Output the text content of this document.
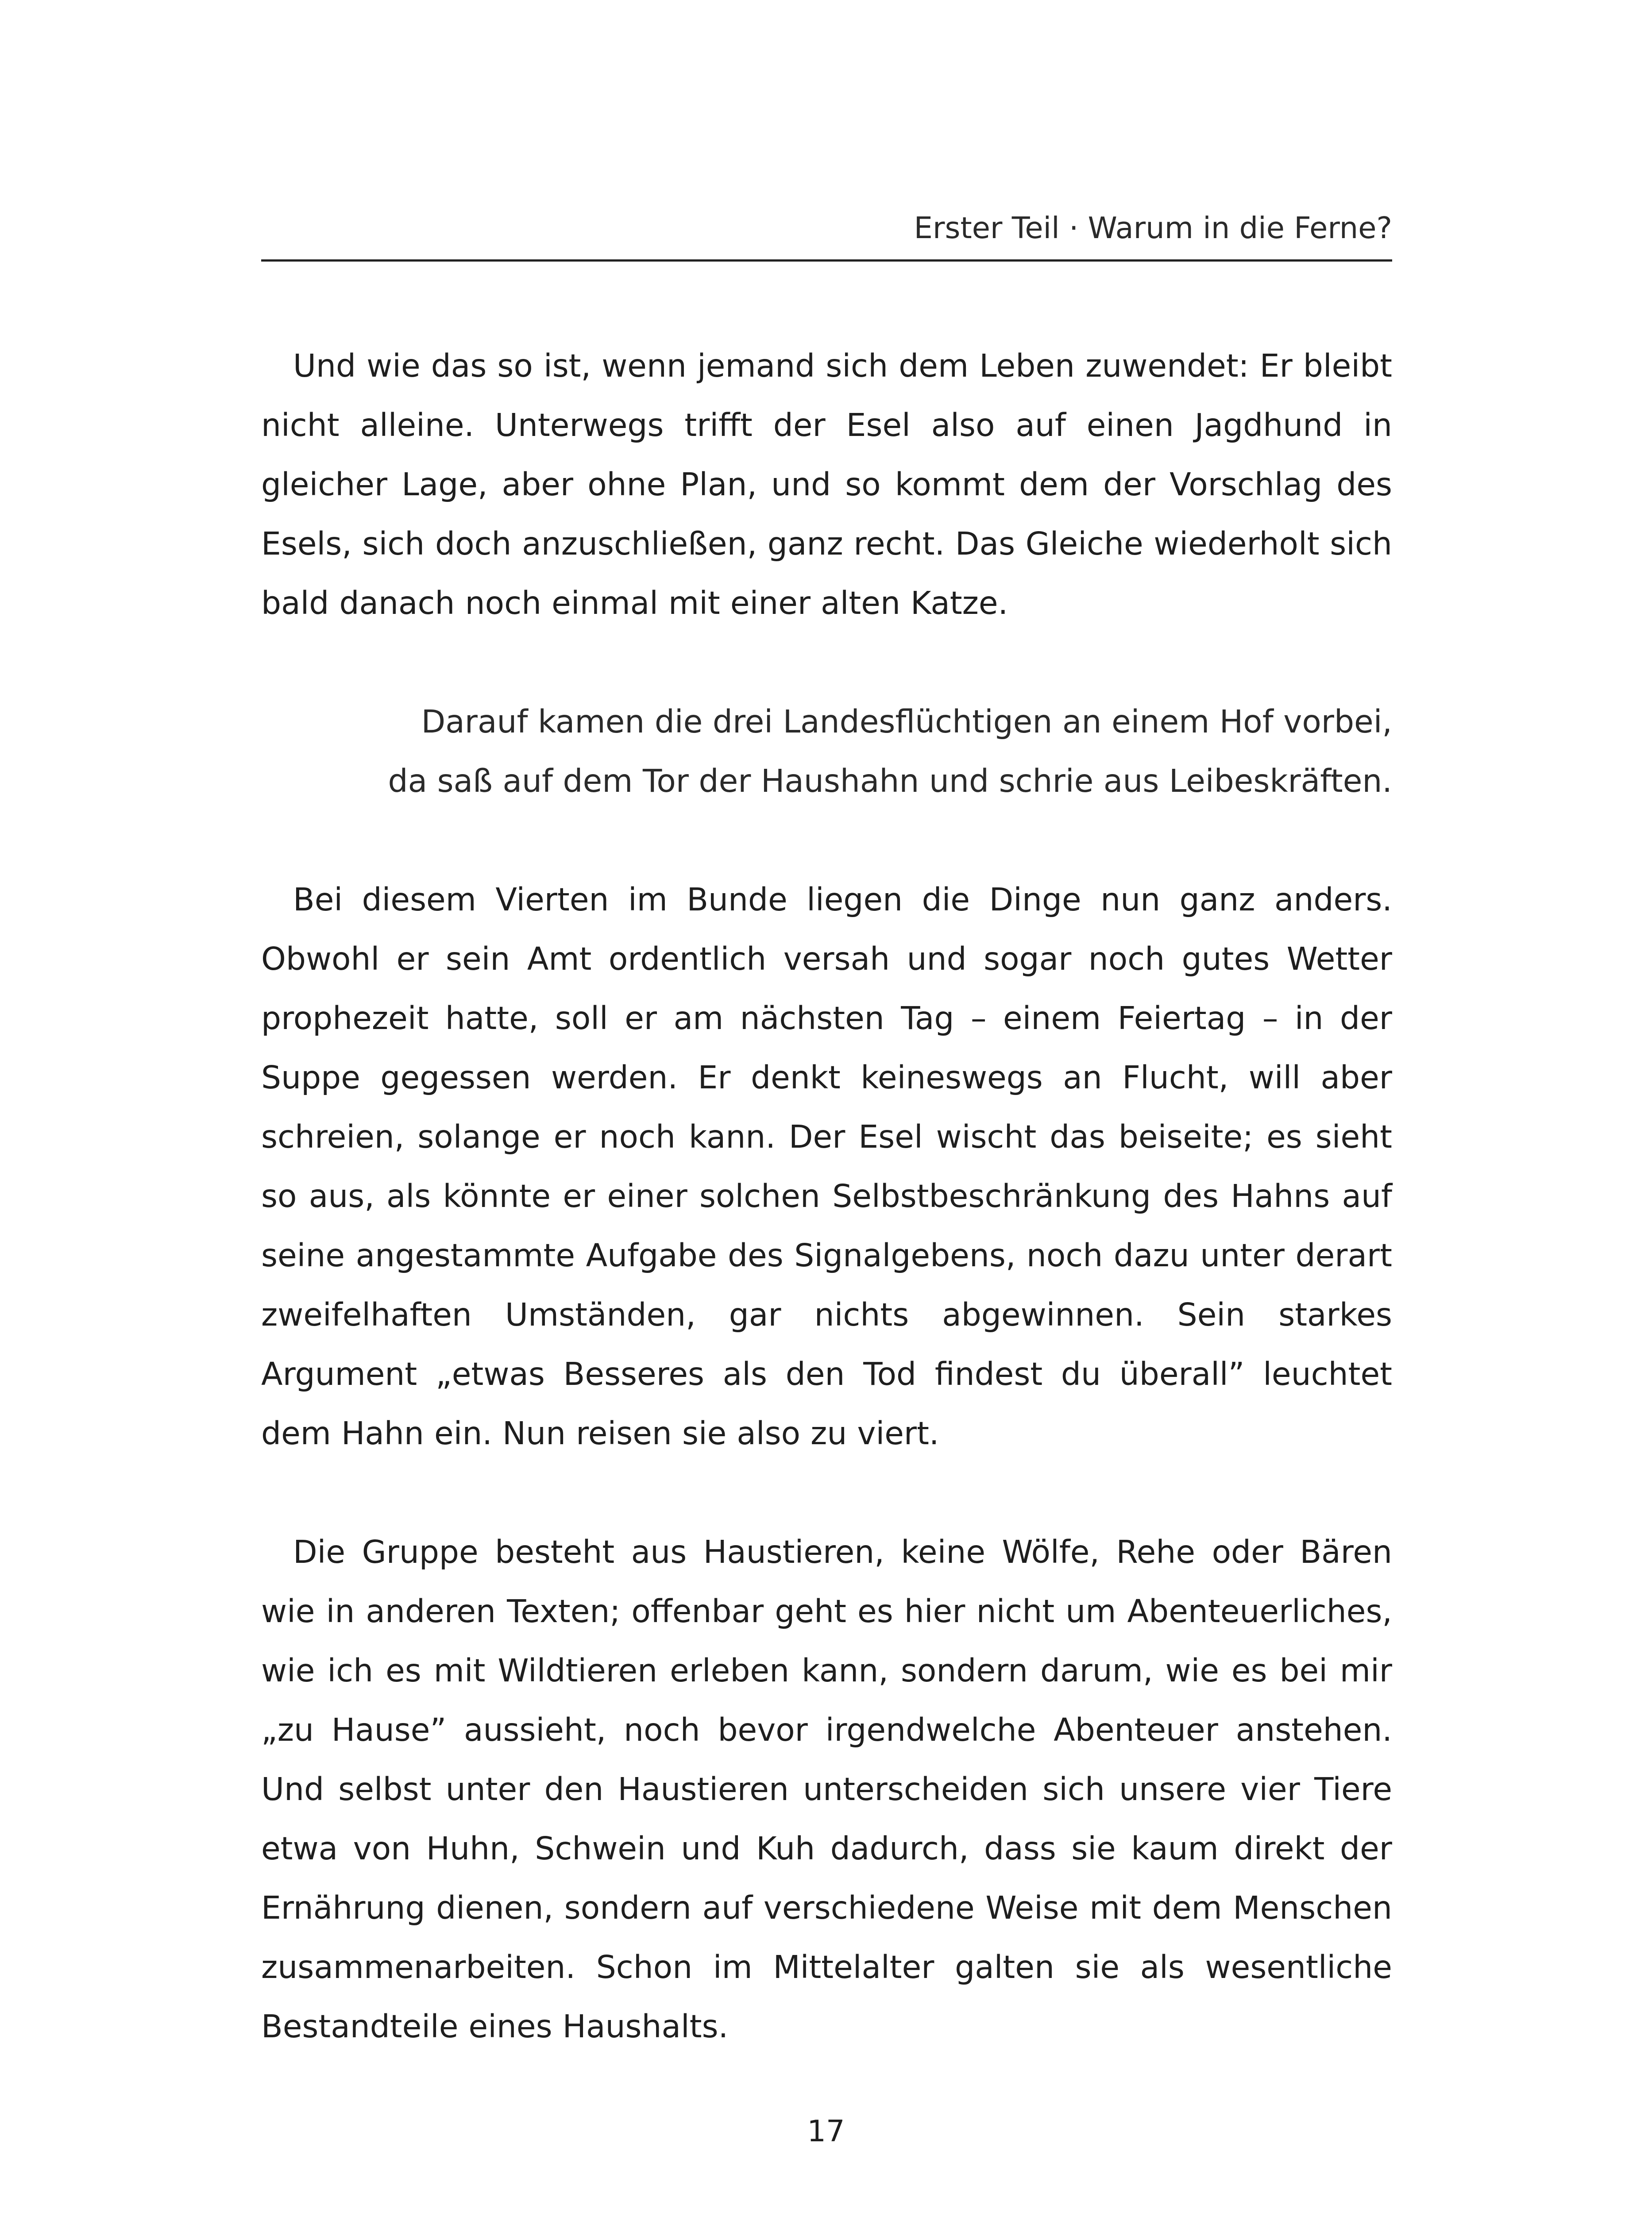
Erster Teil · Warum in die Ferne?

Und wie das so ist, wenn jemand sich dem Leben zuwendet: Er bleibt nicht alleine. Unterwegs trifft der Esel also auf einen Jagdhund in gleicher Lage, aber ohne Plan, und so kommt dem der Vorschlag des Esels, sich doch anzuschließen, ganz recht. Das Gleiche wiederholt sich bald danach noch einmal mit einer alten Katze.

Darauf kamen die drei Landesflüchtigen an einem Hof vorbei,
da saß auf dem Tor der Haushahn und schrie aus Leibeskräften.

Bei diesem Vierten im Bunde liegen die Dinge nun ganz anders. Obwohl er sein Amt ordentlich versah und sogar noch gutes Wetter prophezeit hatte, soll er am nächsten Tag – einem Feiertag – in der Suppe gegessen werden. Er denkt keineswegs an Flucht, will aber schreien, solange er noch kann. Der Esel wischt das beiseite; es sieht so aus, als könnte er einer solchen Selbstbeschränkung des Hahns auf seine angestammte Aufgabe des Signalgebens, noch dazu unter derart zweifelhaften Umständen, gar nichts abgewinnen. Sein starkes Argument „etwas Besseres als den Tod findest du überall” leuchtet dem Hahn ein. Nun reisen sie also zu viert.

Die Gruppe besteht aus Haustieren, keine Wölfe, Rehe oder Bären wie in anderen Texten; offenbar geht es hier nicht um Abenteuerliches, wie ich es mit Wildtieren erleben kann, sondern darum, wie es bei mir „zu Hause” aussieht, noch bevor irgendwelche Abenteuer anstehen. Und selbst unter den Haustieren unterscheiden sich unsere vier Tiere etwa von Huhn, Schwein und Kuh dadurch, dass sie kaum direkt der Ernährung dienen, sondern auf verschiedene Weise mit dem Menschen zusammenarbeiten. Schon im Mittelalter galten sie als wesentliche Bestandteile eines Haushalts.

17
